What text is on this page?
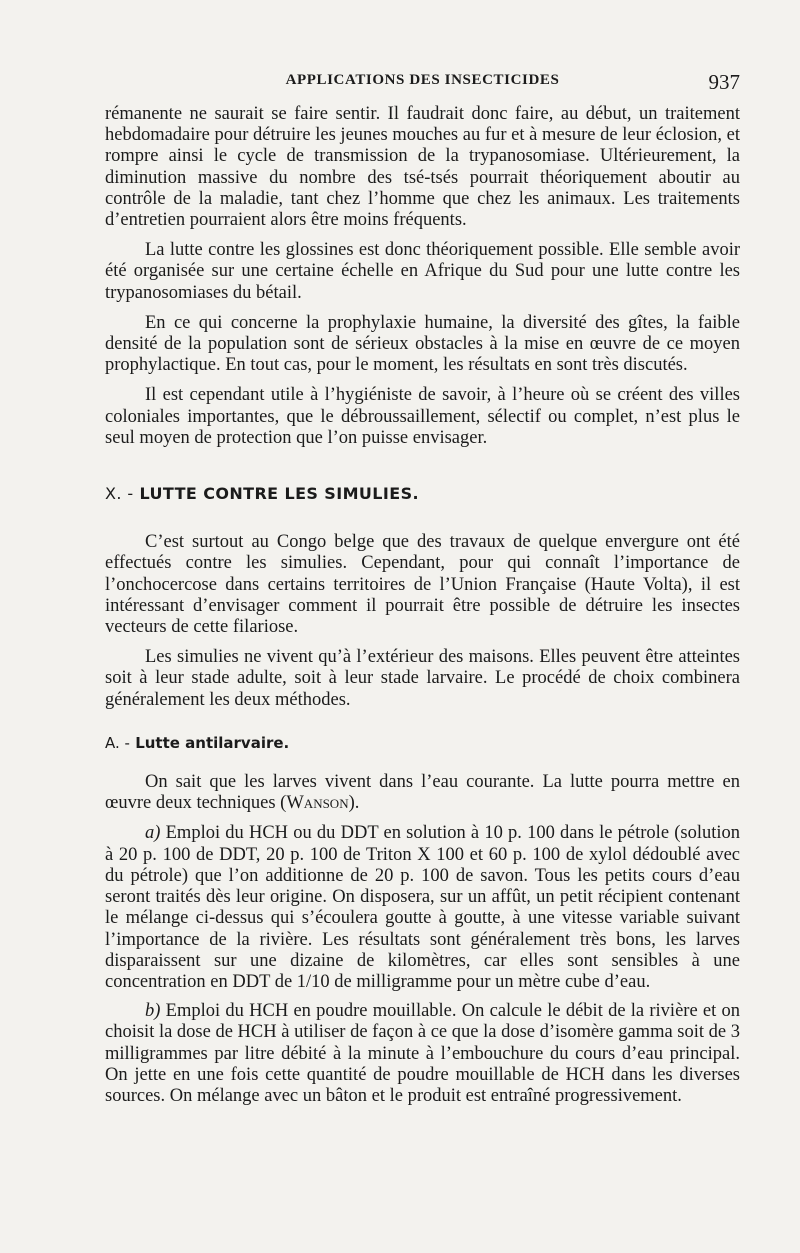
APPLICATIONS DES INSECTICIDES	937

rémanente ne saurait se faire sentir. Il faudrait donc faire, au début, un traitement hebdomadaire pour détruire les jeunes mouches au fur et à mesure de leur éclosion, et rompre ainsi le cycle de transmission de la trypanosomiase. Ultérieurement, la diminution massive du nombre des tsé-tsés pourrait théoriquement aboutir au contrôle de la maladie, tant chez l’homme que chez les animaux. Les traitements d’entretien pourraient alors être moins fréquents.

La lutte contre les glossines est donc théoriquement possible. Elle semble avoir été organisée sur une certaine échelle en Afrique du Sud pour une lutte contre les trypanosomiases du bétail.

En ce qui concerne la prophylaxie humaine, la diversité des gîtes, la faible densité de la population sont de sérieux obstacles à la mise en œuvre de ce moyen prophylactique. En tout cas, pour le moment, les résultats en sont très discutés.

Il est cependant utile à l’hygiéniste de savoir, à l’heure où se créent des villes coloniales importantes, que le débroussaillement, sélectif ou complet, n’est plus le seul moyen de protection que l’on puisse envisager.

X. - LUTTE CONTRE LES SIMULIES.

C’est surtout au Congo belge que des travaux de quelque envergure ont été effectués contre les simulies. Cependant, pour qui connaît l’importance de l’onchocercose dans certains territoires de l’Union Française (Haute Volta), il est intéressant d’envisager comment il pourrait être possible de détruire les insectes vecteurs de cette filariose.

Les simulies ne vivent qu’à l’extérieur des maisons. Elles peuvent être atteintes soit à leur stade adulte, soit à leur stade larvaire. Le procédé de choix combinera généralement les deux méthodes.

A. - Lutte antilarvaire.

On sait que les larves vivent dans l’eau courante. La lutte pourra mettre en œuvre deux techniques (Wanson).

a) Emploi du HCH ou du DDT en solution à 10 p. 100 dans le pétrole (solution à 20 p. 100 de DDT, 20 p. 100 de Triton X 100 et 60 p. 100 de xylol dédoublé avec du pétrole) que l’on additionne de 20 p. 100 de savon. Tous les petits cours d’eau seront traités dès leur origine. On disposera, sur un affût, un petit récipient contenant le mélange ci-dessus qui s’écoulera goutte à goutte, à une vitesse variable suivant l’importance de la rivière. Les résultats sont généralement très bons, les larves disparaissent sur une dizaine de kilomètres, car elles sont sensibles à une concentration en DDT de 1/10 de milligramme pour un mètre cube d’eau.

b) Emploi du HCH en poudre mouillable. On calcule le débit de la rivière et on choisit la dose de HCH à utiliser de façon à ce que la dose d’isomère gamma soit de 3 milligrammes par litre débité à la minute à l’embouchure du cours d’eau principal. On jette en une fois cette quantité de poudre mouillable de HCH dans les diverses sources. On mélange avec un bâton et le produit est entraîné progressivement.
